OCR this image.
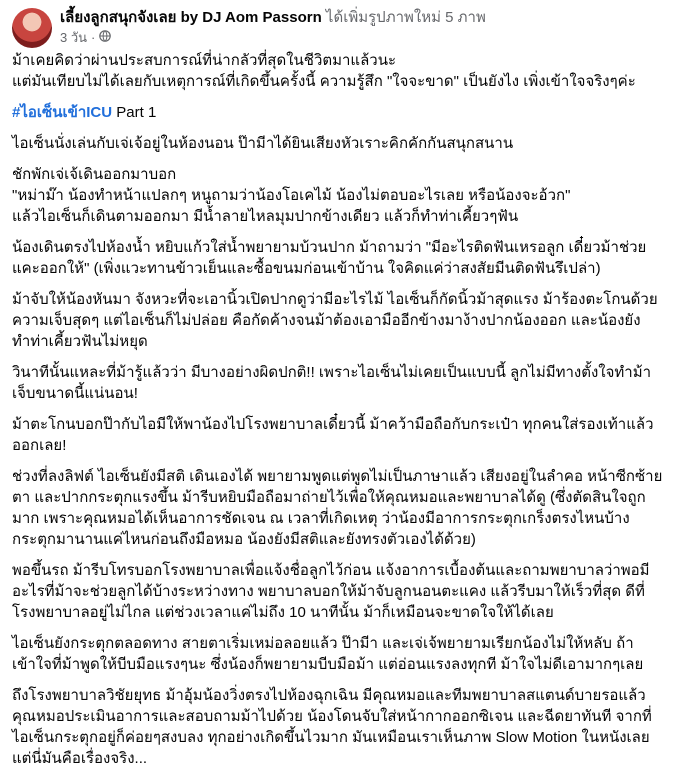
เลี้ยงลูกสนุกจังเลย by DJ Aom Passorn ได้เพิ่มรูปภาพใหม่ 5 ภาพ
3 วัน ·

ม้าเคยคิดว่าผ่านประสบการณ์ที่น่ากลัวที่สุดในชีวิตมาแล้วนะ
แต่มันเทียบไม่ได้เลยกับเหตุการณ์ที่เกิดขึ้นครั้งนี้ ความรู้สึก "ใจจะขาด" เป็นยังไง เพิ่งเข้าใจจริงๆค่ะ

#ไอเซ็นเข้าICU Part 1

ไอเซ็นนั่งเล่นกับเจ่เจ้อยู่ในห้องนอน ป๊ามีาได้ยินเสียงหัวเราะคิกคักกันสนุกสนาน

ชักพักเจ่เจ้เดินออกมาบอก
"หม่าม๊า น้องทำหน้าแปลกๆ หนูถามว่าน้องโอเคไม้ น้องไม่ตอบอะไรเลย หรือน้องจะอ้วก"
แล้วไอเซ็นก็เดินตามออกมา มีน้ำลายไหลมุมปากข้างเดียว แล้วก็ทำท่าเคี้ยวๆฟัน

น้องเดินตรงไปห้องน้ำ หยิบแก้วใส่น้ำพยายามบ้วนปาก ม้าถามว่า "มีอะไรติดฟันเหรอลูก เดี๋ยวม้าช่วยแคะออกให้" (เพิ่งแวะทานข้าวเย็นและซื้อขนมก่อนเข้าบ้าน ใจคิดแค่ว่าสงสัยมีนติดฟันรึเปล่า)

ม้าจับให้น้องหันมา จังหวะที่จะเอานิ้วเปิดปากดูว่ามีอะไรไม้ ไอเซ็นก็กัดนิ้วม้าสุดแรง ม้าร้องตะโกนด้วยความเจ็บสุดๆ แต่ไอเซ็นก็ไม่ปล่อย คือกัดค้างจนม้าต้องเอามืออีกข้างมาง้างปากน้องออก และน้องยังทำท่าเคี้ยวฟันไม่หยุด

วินาทีนั้นแหละที่ม้ารู้แล้วว่า มีบางอย่างผิดปกติ!! เพราะไอเซ็นไม่เคยเป็นแบบนี้ ลูกไม่มีทางตั้งใจทำม้าเจ็บขนาดนี้แน่นอน!

ม้าตะโกนบอกป๊ากับไอมีให้พาน้องไปโรงพยาบาลเดี๋ยวนี้ ม้าคว้ามือถือกับกระเป๋า ทุกคนใส่รองเท้าแล้วออกเลย!

ช่วงที่ลงลิฟต์ ไอเซ็นยังมีสติ เดินเองได้ พยายามพูดแต่พูดไม่เป็นภาษาแล้ว เสียงอยู่ในลำคอ หน้าซีกซ้าย ตา และปากกระตุกแรงขึ้น ม้ารีบหยิบมือถือมาถ่ายไว้เพื่อให้คุณหมอและพยาบาลได้ดู (ซึ่งตัดสินใจถูกมาก เพราะคุณหมอได้เห็นอาการชัดเจน ณ เวลาที่เกิดเหตุ ว่าน้องมีอาการกระตุกเกร็งตรงไหนบ้าง กระตุกมานานแค่ไหนก่อนถึงมือหมอ น้องยังมีสติและยังทรงตัวเองได้ด้วย)

พอขึ้นรถ ม้ารีบโทรบอกโรงพยาบาลเพื่อแจ้งชื่อลูกไว้ก่อน แจ้งอาการเบื้องต้นและถามพยาบาลว่าพอมีอะไรที่ม้าจะช่วยลูกได้บ้างระหว่างทาง พยาบาลบอกให้ม้าจับลูกนอนตะแคง แล้วรีบมาให้เร็วที่สุด ดีที่โรงพยาบาลอยู่ไม่ไกล แต่ช่วงเวลาแค่ไม่ถึง 10 นาทีนั้น ม้าก็เหมือนจะขาดใจให้ได้เลย

ไอเซ็นยังกระตุกตลอดทาง สายตาเริ่มเหม่อลอยแล้ว ป๊ามีา และเจ่เจ้พยายามเรียกน้องไม่ให้หลับ ถ้าเข้าใจที่ม้าพูดให้บีบมือแรงๆนะ ซึ่งน้องก็พยายามบีบมือม้า แต่อ่อนแรงลงทุกที ม้าใจไม่ดีเอามากๆเลย

ถึงโรงพยาบาลวิชัยยุทธ ม้าอุ้มน้องวิ่งตรงไปห้องฉุกเฉิน มีคุณหมอและทีมพยาบาลสแตนด์บายรอแล้ว คุณหมอประเมินอาการและสอบถามม้าไปด้วย น้องโดนจับใส่หน้ากากออกซิเจน และฉีดยาทันที จากที่ไอเซ็นกระตุกอยู่ก็ค่อยๆสงบลง ทุกอย่างเกิดขึ้นไวมาก มันเหมือนเราเห็นภาพ Slow Motion ในหนังเลย แต่นี่มันคือเรื่องจริง...
